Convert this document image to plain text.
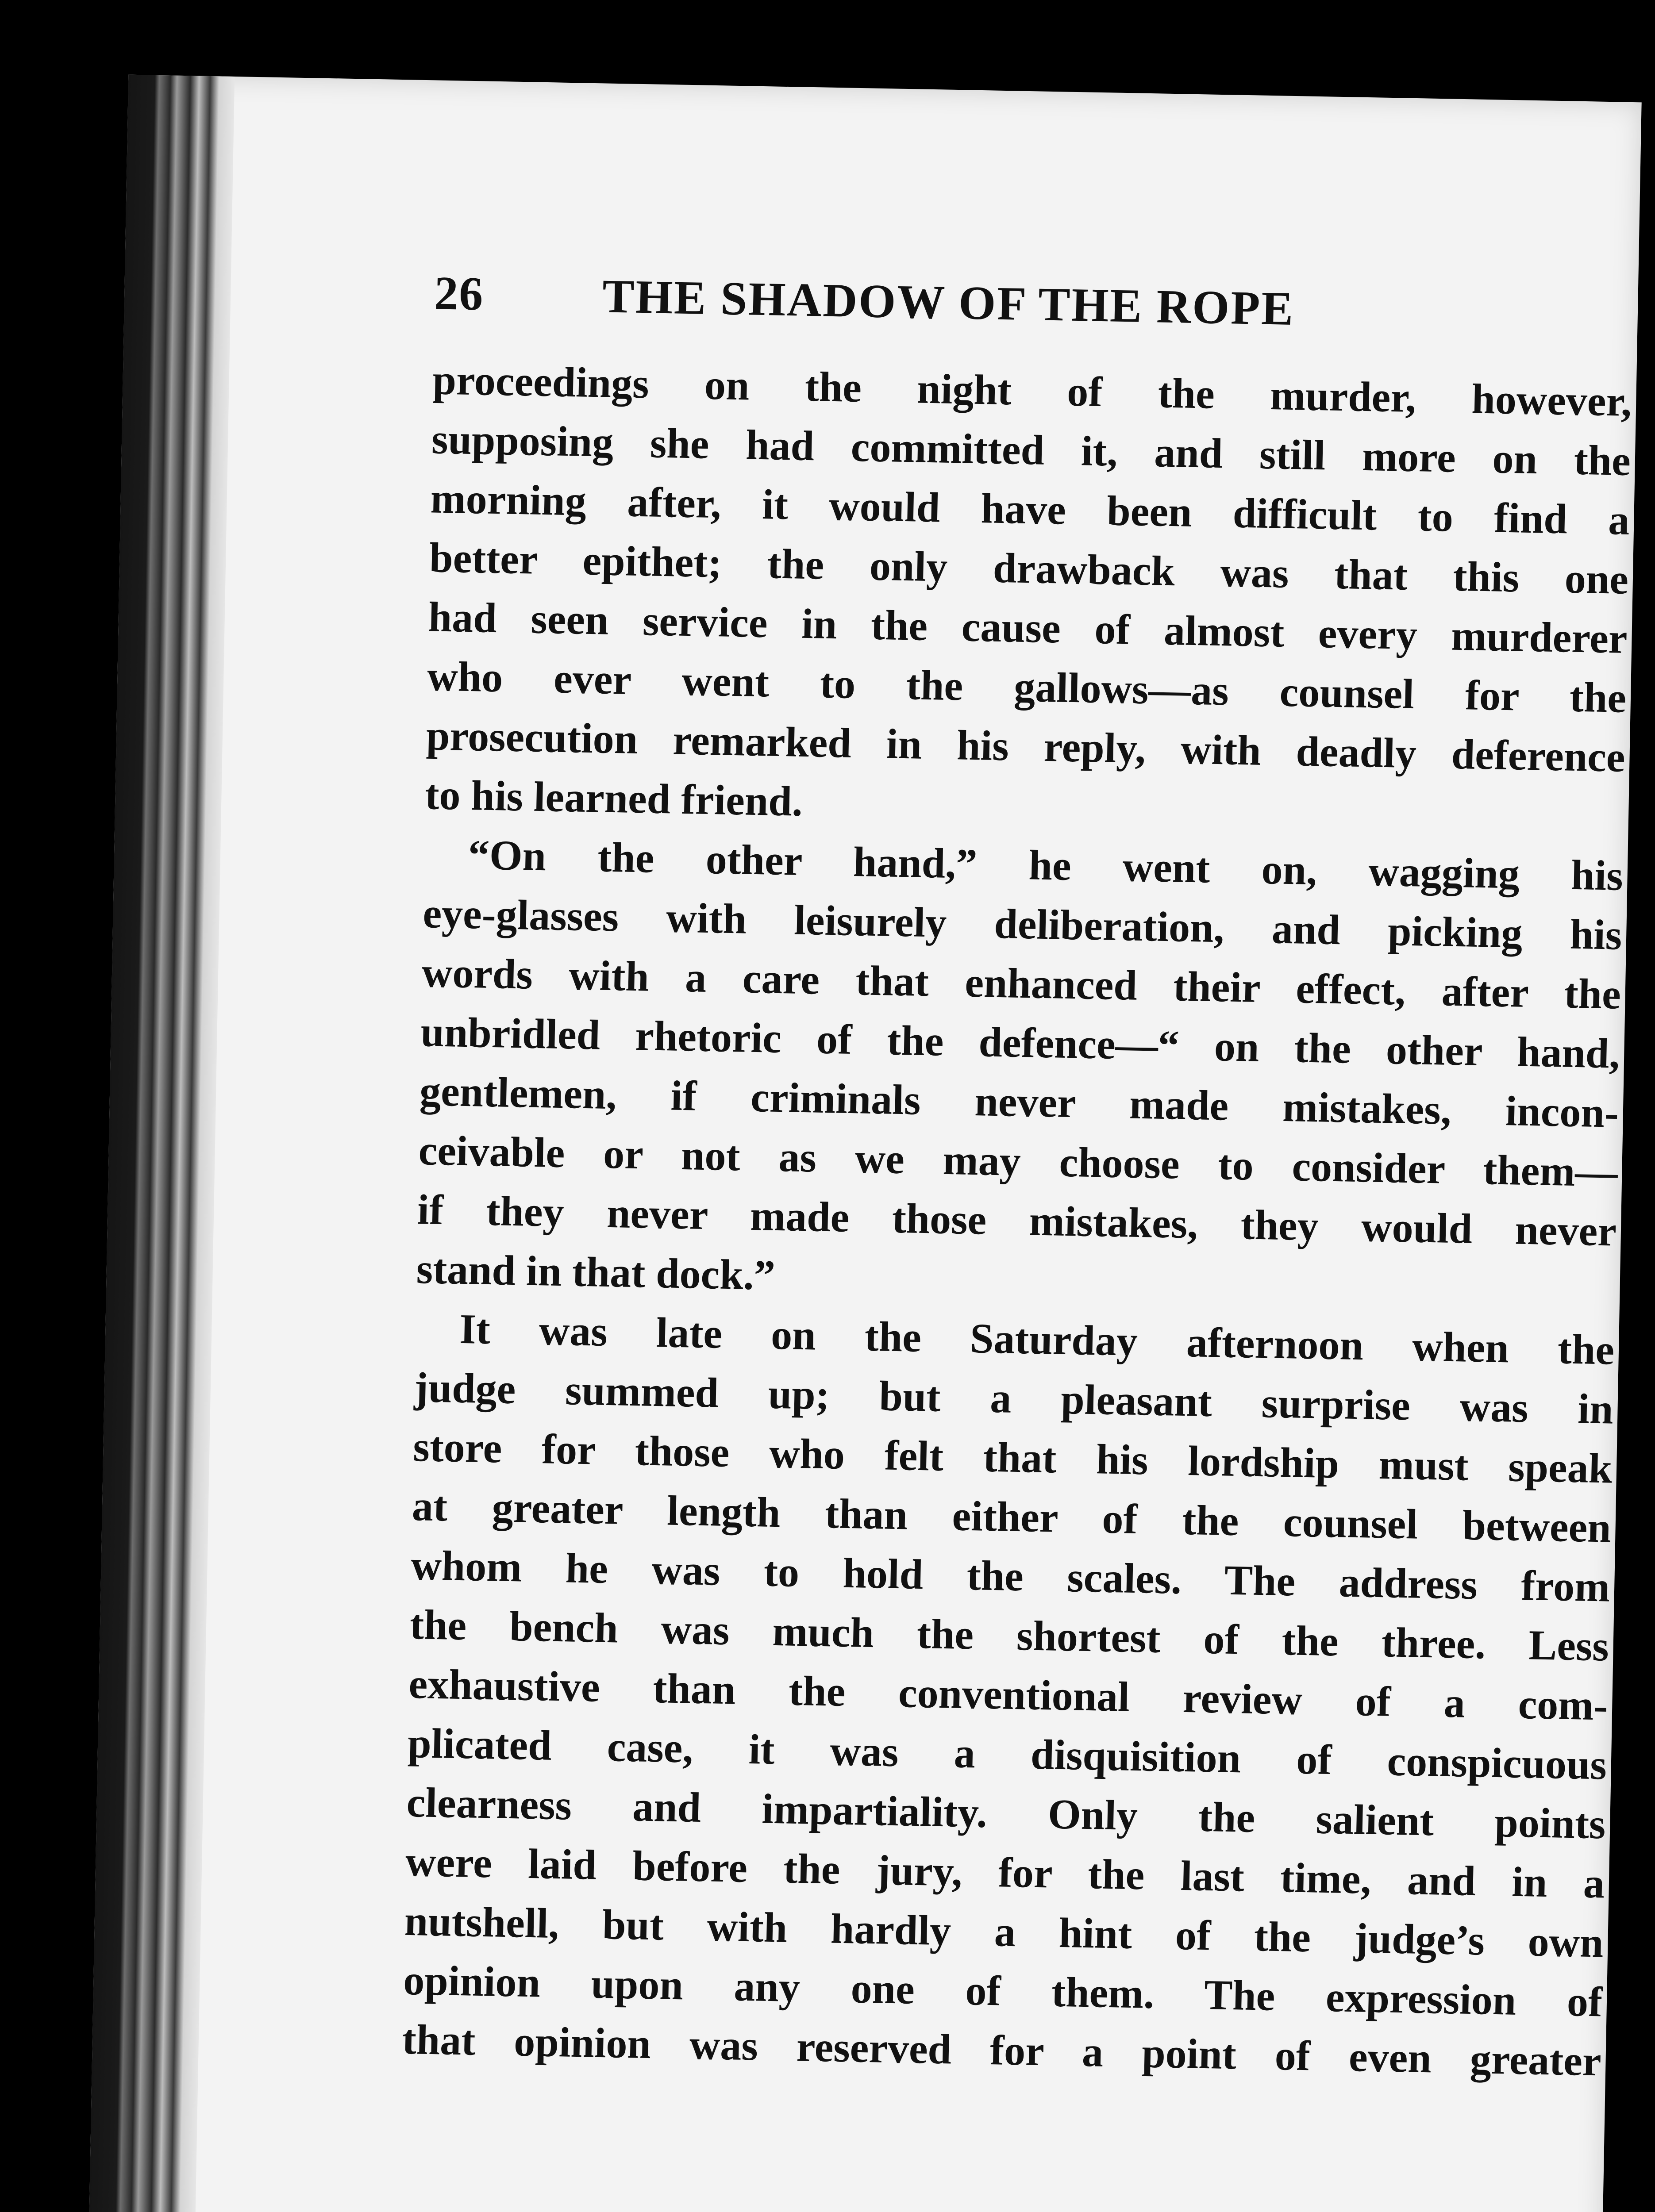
26	THE SHADOW OF THE ROPE
proceedings on the night of the murder, however,
supposing she had committed it, and still more on the
morning after, it would have been difficult to find a
better epithet; the only drawback was that this one
had seen service in the cause of almost every murderer
who ever went to the gallows—as counsel for the
prosecution remarked in his reply, with deadly deference
to his learned friend.
“On the other hand,” he went on, wagging his
eye-glasses with leisurely deliberation, and picking his
words with a care that enhanced their effect, after the
unbridled rhetoric of the defence—“ on the other hand,
gentlemen, if criminals never made mistakes, incon-
ceivable or not as we may choose to consider them—
if they never made those mistakes, they would never
stand in that dock.”
It was late on the Saturday afternoon when the
judge summed up; but a pleasant surprise was in
store for those who felt that his lordship must speak
at greater length than either of the counsel between
whom he was to hold the scales. The address from
the bench was much the shortest of the three. Less
exhaustive than the conventional review of a com-
plicated case, it was a disquisition of conspicuous
clearness and impartiality. Only the salient points
were laid before the jury, for the last time, and in a
nutshell, but with hardly a hint of the judge’s own
opinion upon any one of them. The expression of
that opinion was reserved for a point of even greater
